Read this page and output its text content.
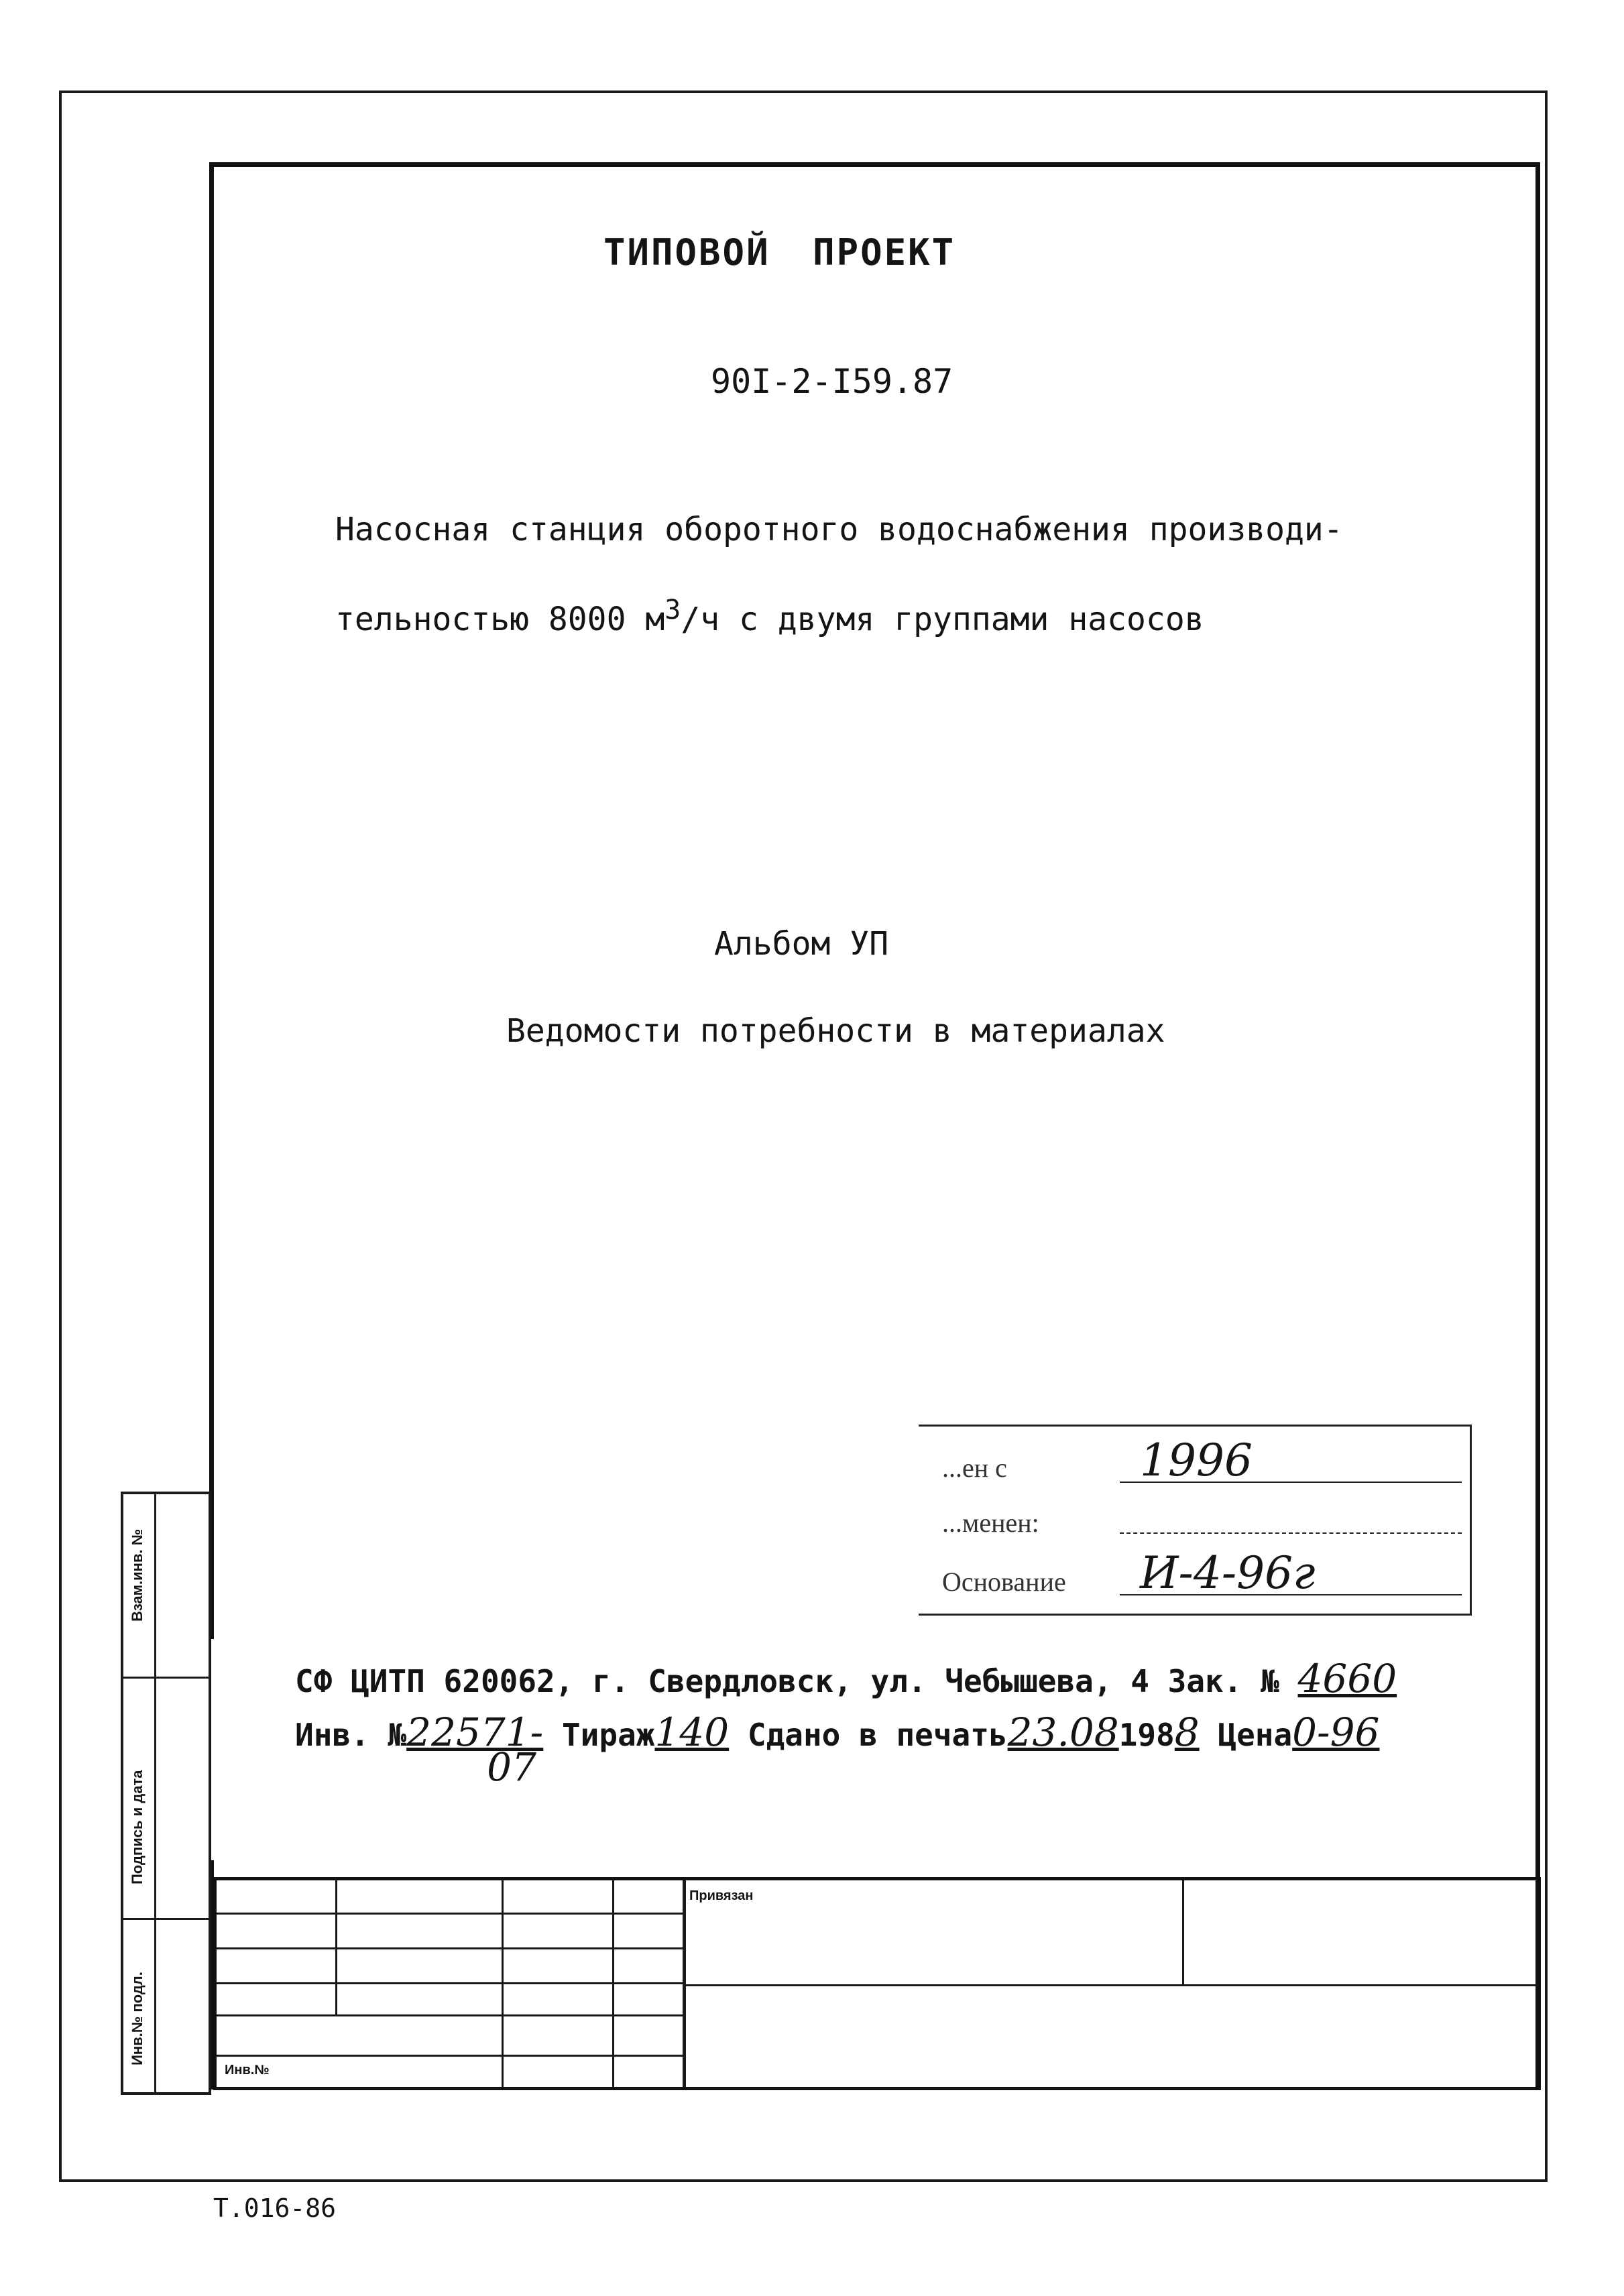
ТИПОВОЙ ПРОЕКТ
90I-2-I59.87
Насосная станция оборотного водоснабжения производи-
тельностью 8000 $м^3/ч$ с двумя группами насосов
Альбом УП
Ведомости потребности в материалах
...ен с	1996
...менен:
Основание И-4-96г
СФ ЦИТП 620062, г. Свердловск, ул. Чебышева, 4 Зак. № 4660
Инв. №22571-
07
Тираж140 Сдано в печать23.081988 Цена0-96
Взам.инв. №
Подпись и дата
Инв.№ подл.
Привязан
Инв.№
Т.016-86
